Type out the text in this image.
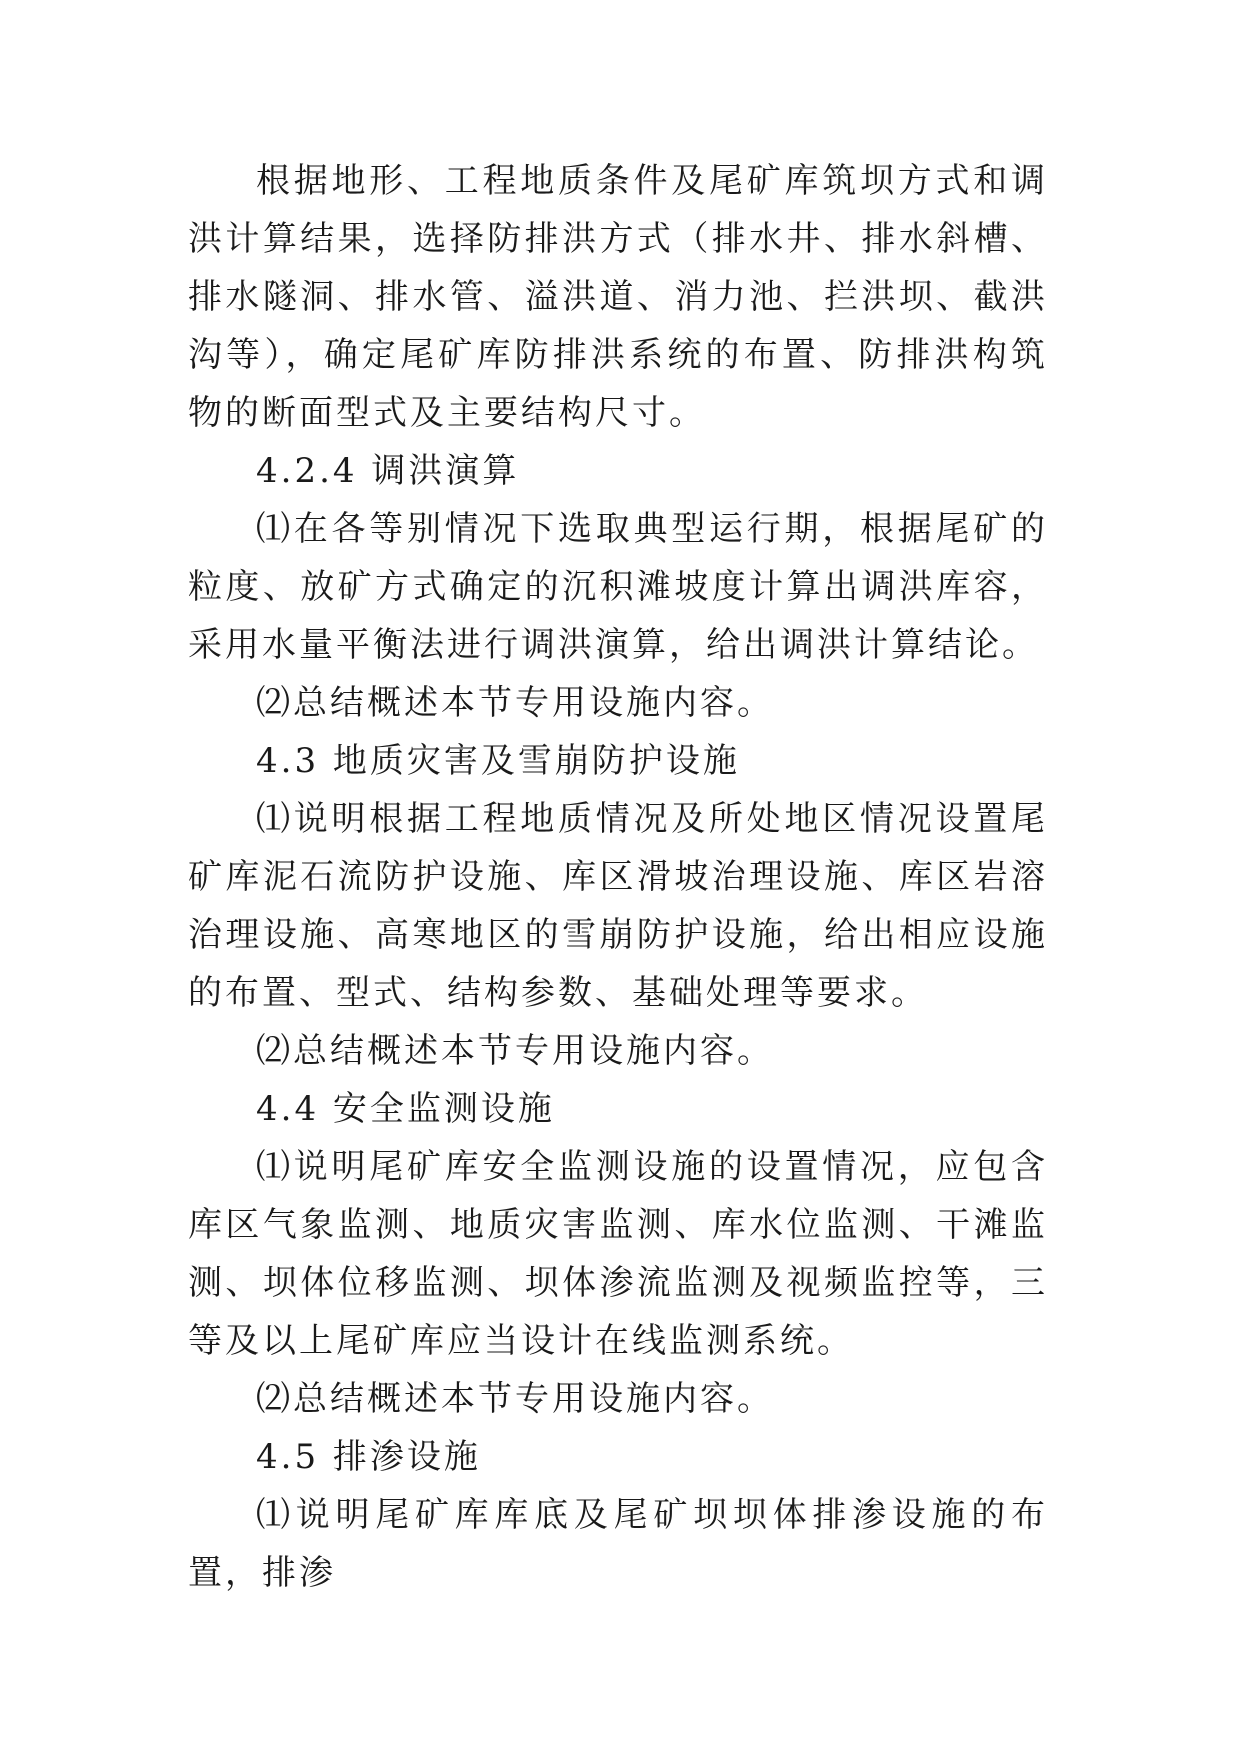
根据地形、工程地质条件及尾矿库筑坝方式和调洪计算结果，选择防排洪方式（排水井、排水斜槽、排水隧洞、排水管、溢洪道、消力池、拦洪坝、截洪沟等），确定尾矿库防排洪系统的布置、防排洪构筑物的断面型式及主要结构尺寸。

4.2.4 调洪演算

⑴在各等别情况下选取典型运行期，根据尾矿的粒度、放矿方式确定的沉积滩坡度计算出调洪库容，采用水量平衡法进行调洪演算，给出调洪计算结论。

⑵总结概述本节专用设施内容。

4.3 地质灾害及雪崩防护设施

⑴说明根据工程地质情况及所处地区情况设置尾矿库泥石流防护设施、库区滑坡治理设施、库区岩溶治理设施、高寒地区的雪崩防护设施，给出相应设施的布置、型式、结构参数、基础处理等要求。

⑵总结概述本节专用设施内容。

4.4 安全监测设施

⑴说明尾矿库安全监测设施的设置情况，应包含库区气象监测、地质灾害监测、库水位监测、干滩监测、坝体位移监测、坝体渗流监测及视频监控等，三等及以上尾矿库应当设计在线监测系统。

⑵总结概述本节专用设施内容。

4.5 排渗设施

⑴说明尾矿库库底及尾矿坝坝体排渗设施的布置，排渗
